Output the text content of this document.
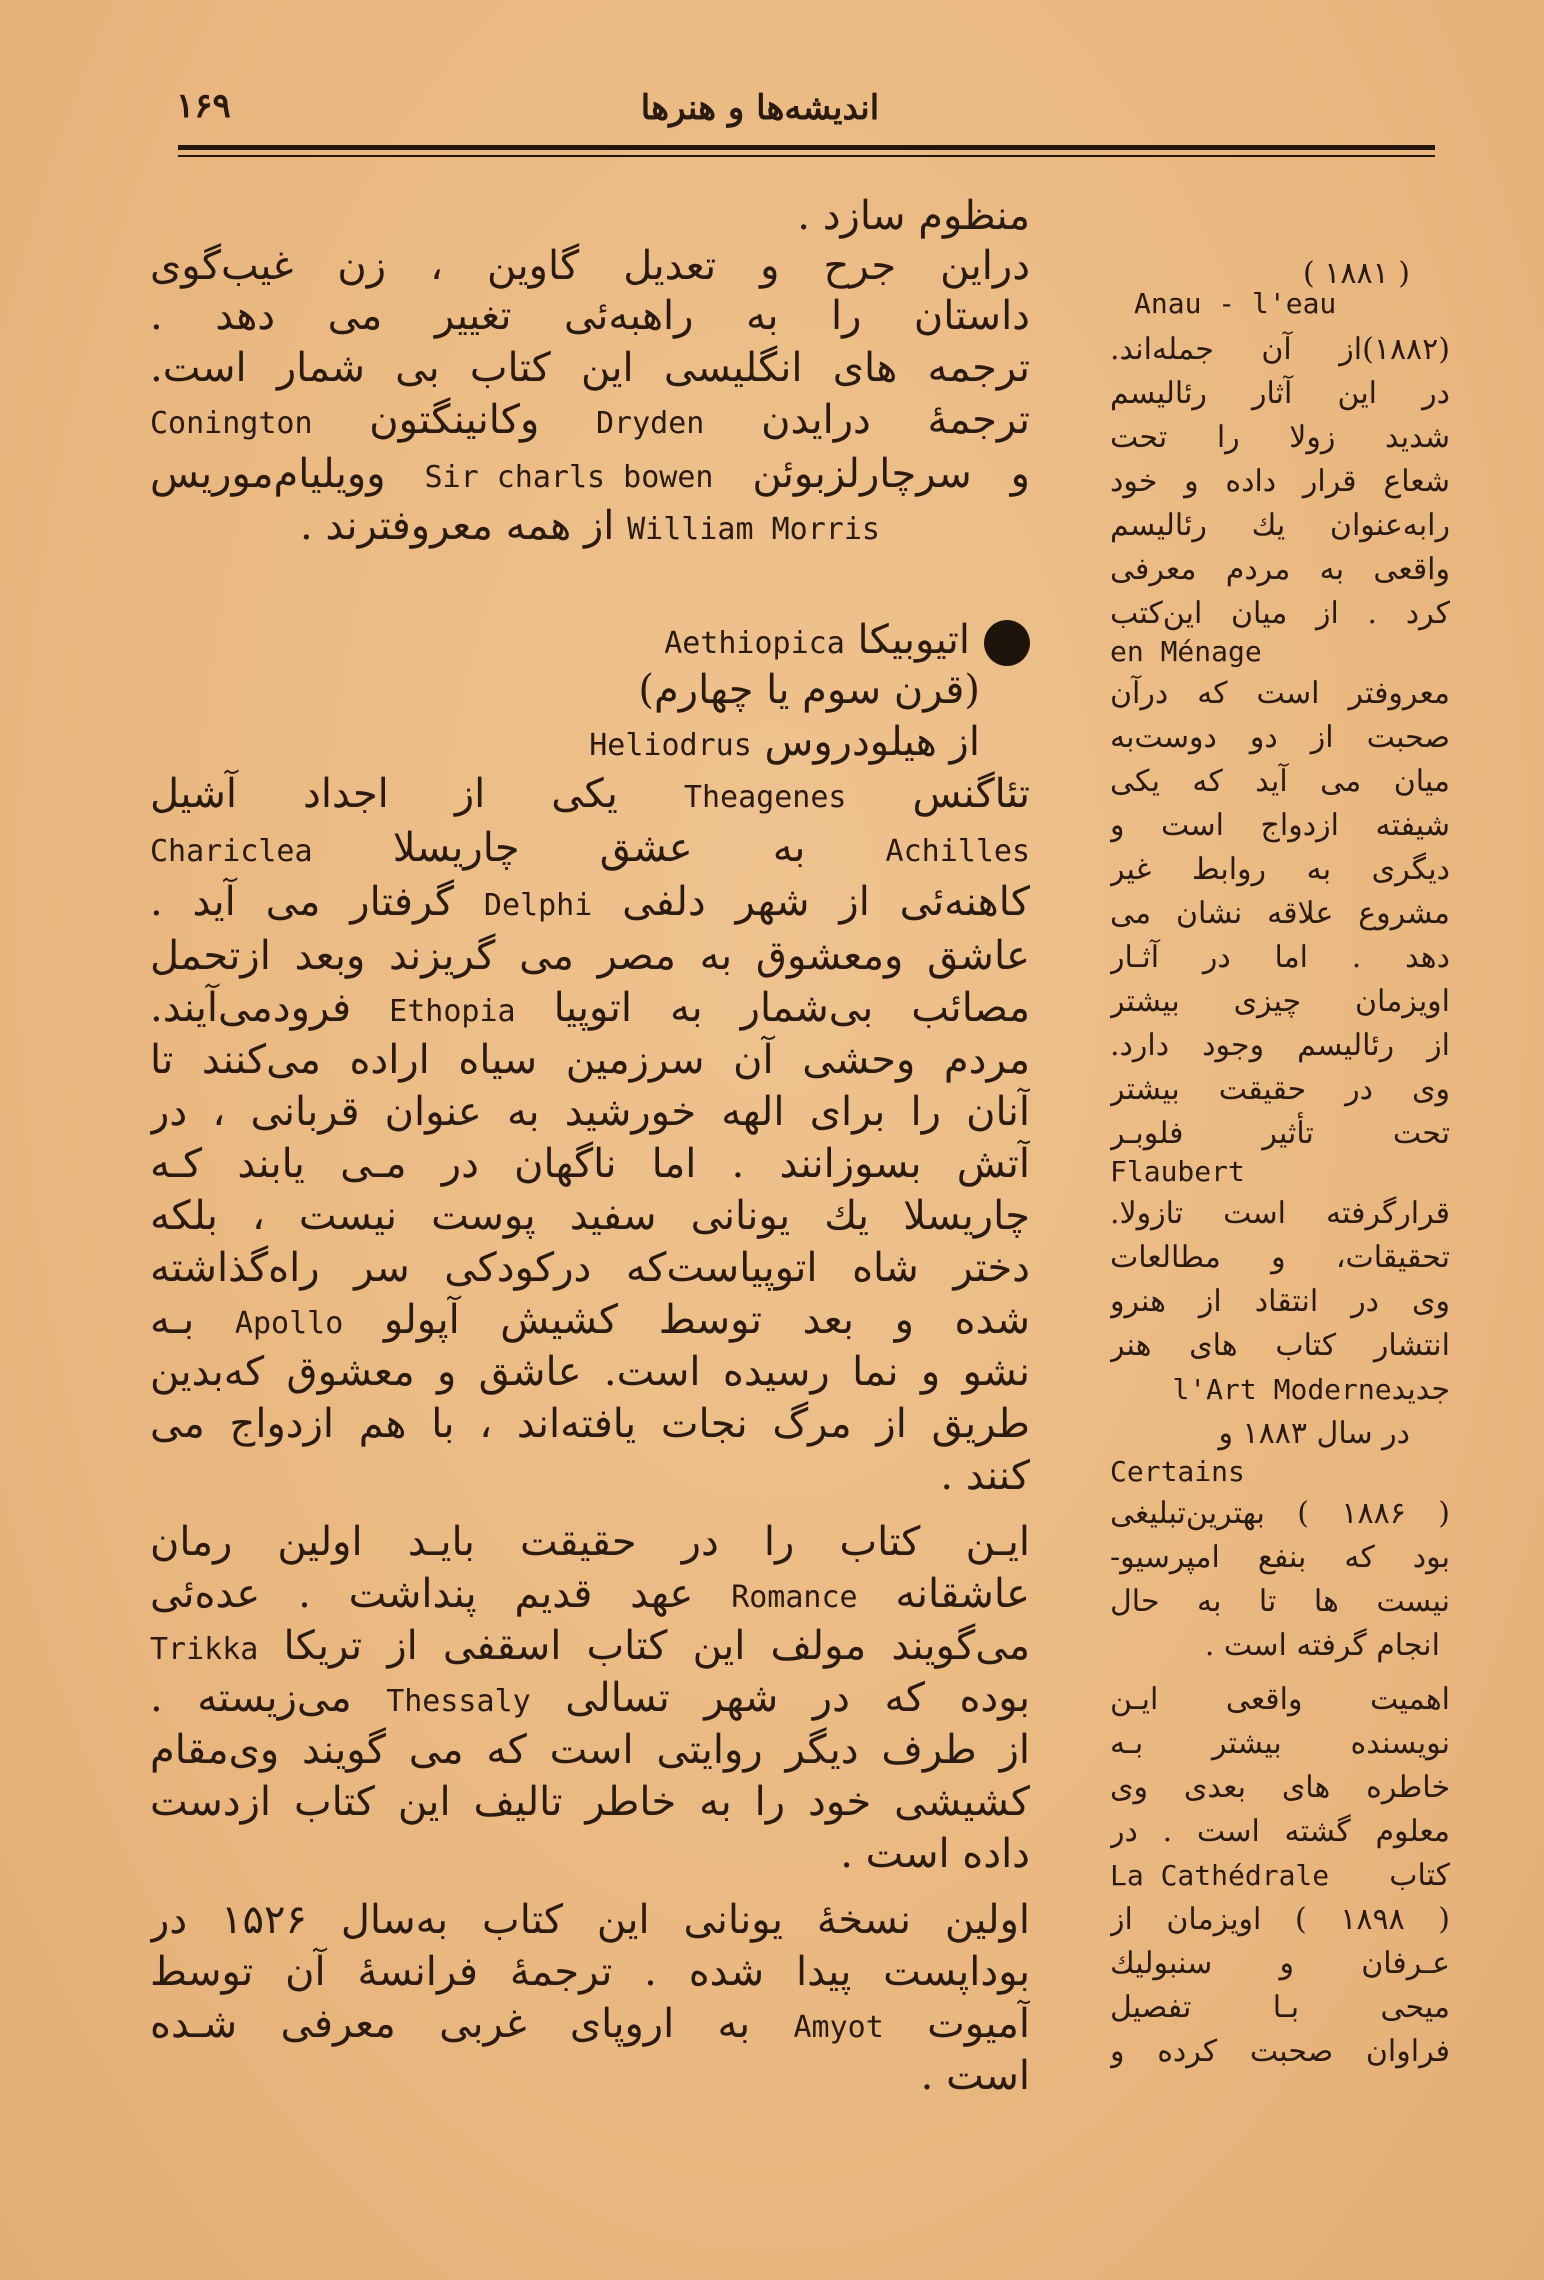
۱۶۹	اندیشه‌ها و هنرها
منظوم سازد .
دراین جرح و تعدیل گاوین ، زن غیب‌گوی
داستان را به راهبه‌ئی تغییر می دهد .
ترجمه های انگلیسی این کتاب بی شمار است.
ترجمهٔ درایدن Dryden وکانینگتون Conington
و سرچارلزبوئن Sir charls bowen وویلیام‌موریس
William Morris از همه معروفترند .
اتیوبیکا Aethiopica
(قرن سوم یا چهارم)
از هیلودروس Heliodrus
تئاگنس Theagenes یکی از اجداد آشیل
Achilles به عشق چاریسلا Chariclea
کاهنه‌ئی از شهر دلفی Delphi گرفتار می آید .
عاشق ومعشوق به مصر می گریزند وبعد ازتحمل
مصائب بی‌شمار به اتوپیا Ethopia فرودمی‌آیند.
مردم وحشی آن سرزمین سیاه اراده می‌کنند تا
آنان را برای الهه خورشید به عنوان قربانی ، در
آتش بسوزانند . اما ناگهان در مـی یابند کـه
چاریسلا یك یونانی سفید پوست نیست ، بلکه
دختر شاه اتوپیاست‌که درکودکی سر راه‌گذاشته
شده و بعد توسط کشیش آپولو Apollo بـه
نشو و نما رسیده است. عاشق و معشوق که‌بدین
طریق از مرگ نجات یافته‌اند ، با هم ازدواج می
کنند .
ایـن کتاب را در حقیقت بایـد اولین رمان
عاشقانه Romance عهد قدیم پنداشت . عده‌ئی
می‌گویند مولف این کتاب اسقفی از تریکا Trikka
بوده که در شهر تسالی Thessaly می‌زیسته .
از طرف دیگر روایتی است که می گویند وی‌مقام
کشیشی خود را به خاطر تالیف این کتاب ازدست
داده است .
اولین نسخهٔ یونانی این کتاب به‌سال ۱۵۲۶ در
بوداپست پیدا شده . ترجمهٔ فرانسهٔ آن توسط
آمیوت Amyot به اروپای غربی معرفی شـده
است .
( ۱۸۸۱ )
Anau - l'eau
(۱۸۸۲)از آن جمله‌اند.
در این آثار رئالیسم
شدید زولا را تحت
شعاع قرار داده و خود
رابه‌عنوان یك رئالیسم
واقعی به مردم معرفی
کرد . از میان این‌کتب
en Ménage
معروفتر است که درآن
صحبت از دو دوست‌به
میان می آید که یکی
شیفته ازدواج است و
دیگری به روابط غیر
مشروع علاقه نشان می
دهد . اما در آثـار
اویزمان چیزی بیشتر
از رئالیسم وجود دارد.
وی در حقیقت بیشتر
تحت تأثیر فلوبـر
Flaubert
قرارگرفته است تازولا.
تحقیقات، و مطالعات
وی در انتقاد از هنرو
انتشار کتاب های هنر
جدیدl'Art Moderne
در سال ۱۸۸۳ و
Certains
( ۱۸۸۶ ) بهترین‌تبلیغی
بود که بنفع امپرسیو-
نیست ها تا به حال
انجام گرفته است .
اهمیت واقعی ایـن
نویسنده بیشتر بـه
خاطره های بعدی وی
معلوم گشته است . در
کتاب La Cathédrale
( ۱۸۹۸ ) اویزمان از
عـرفان و سنبولیك
میحی بـا تفصیل
فراوان صحبت کرده و
